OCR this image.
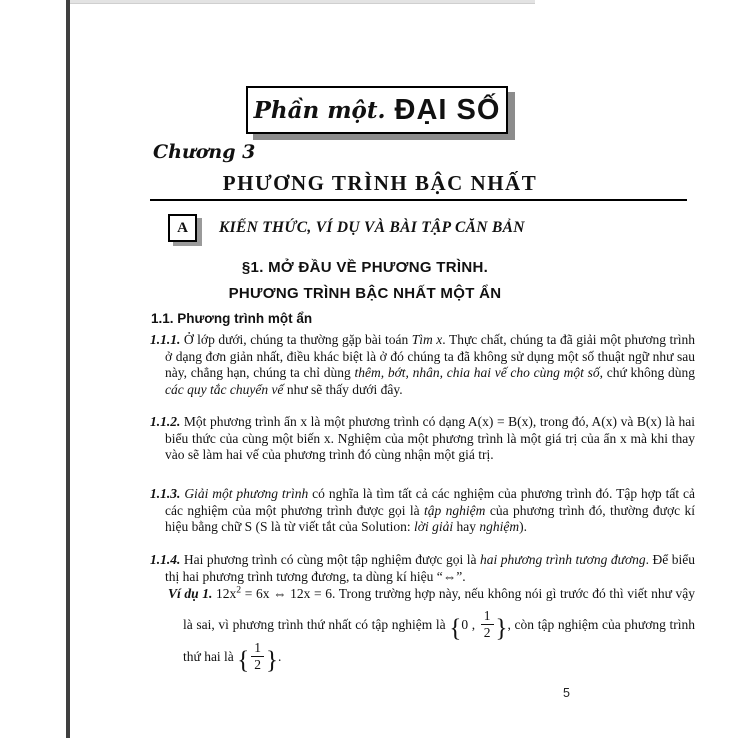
Phần một. ĐẠI SỐ
Chương 3
PHƯƠNG TRÌNH BẬC NHẤT
A	KIẾN THỨC, VÍ DỤ VÀ BÀI TẬP CĂN BẢN
§1. MỞ ĐẦU VỀ PHƯƠNG TRÌNH.
PHƯƠNG TRÌNH BẬC NHẤT MỘT ẨN
1.1. Phương trình một ẩn

1.1.1. Ở lớp dưới, chúng ta thường gặp bài toán Tìm x. Thực chất, chúng ta đã giải một phương trình ở dạng đơn giản nhất, điều khác biệt là ở đó chúng ta đã không sử dụng một số thuật ngữ như sau này, chẳng hạn, chúng ta chỉ dùng thêm, bớt, nhân, chia hai vế cho cùng một số, chứ không dùng các quy tắc chuyển vế như sẽ thấy dưới đây.

1.1.2. Một phương trình ẩn x là một phương trình có dạng A(x) = B(x), trong đó, A(x) và B(x) là hai biểu thức của cùng một biến x. Nghiệm của một phương trình là một giá trị của ẩn x mà khi thay vào sẽ làm hai vế của phương trình đó cùng nhận một giá trị.

1.1.3. Giải một phương trình có nghĩa là tìm tất cả các nghiệm của phương trình đó. Tập hợp tất cả các nghiệm của một phương trình được gọi là tập nghiệm của phương trình đó, thường được kí hiệu bằng chữ S (S là từ viết tắt của Solution: lời giải hay nghiệm).

1.1.4. Hai phương trình có cùng một tập nghiệm được gọi là hai phương trình tương đương. Để biểu thị hai phương trình tương đương, ta dùng kí hiệu “⇔”.

Ví dụ 1. $12x^2 = 6x$ ⇔ 12x = 6. Trong trường hợp này, nếu không nói gì trước đó thì viết như vậy là sai, vì phương trình thứ nhất có tập nghiệm là {0 , $\frac{1}{2}$ }, còn tập nghiệm của phương trình thứ hai là { $\frac{1}{2}$ }.

5
